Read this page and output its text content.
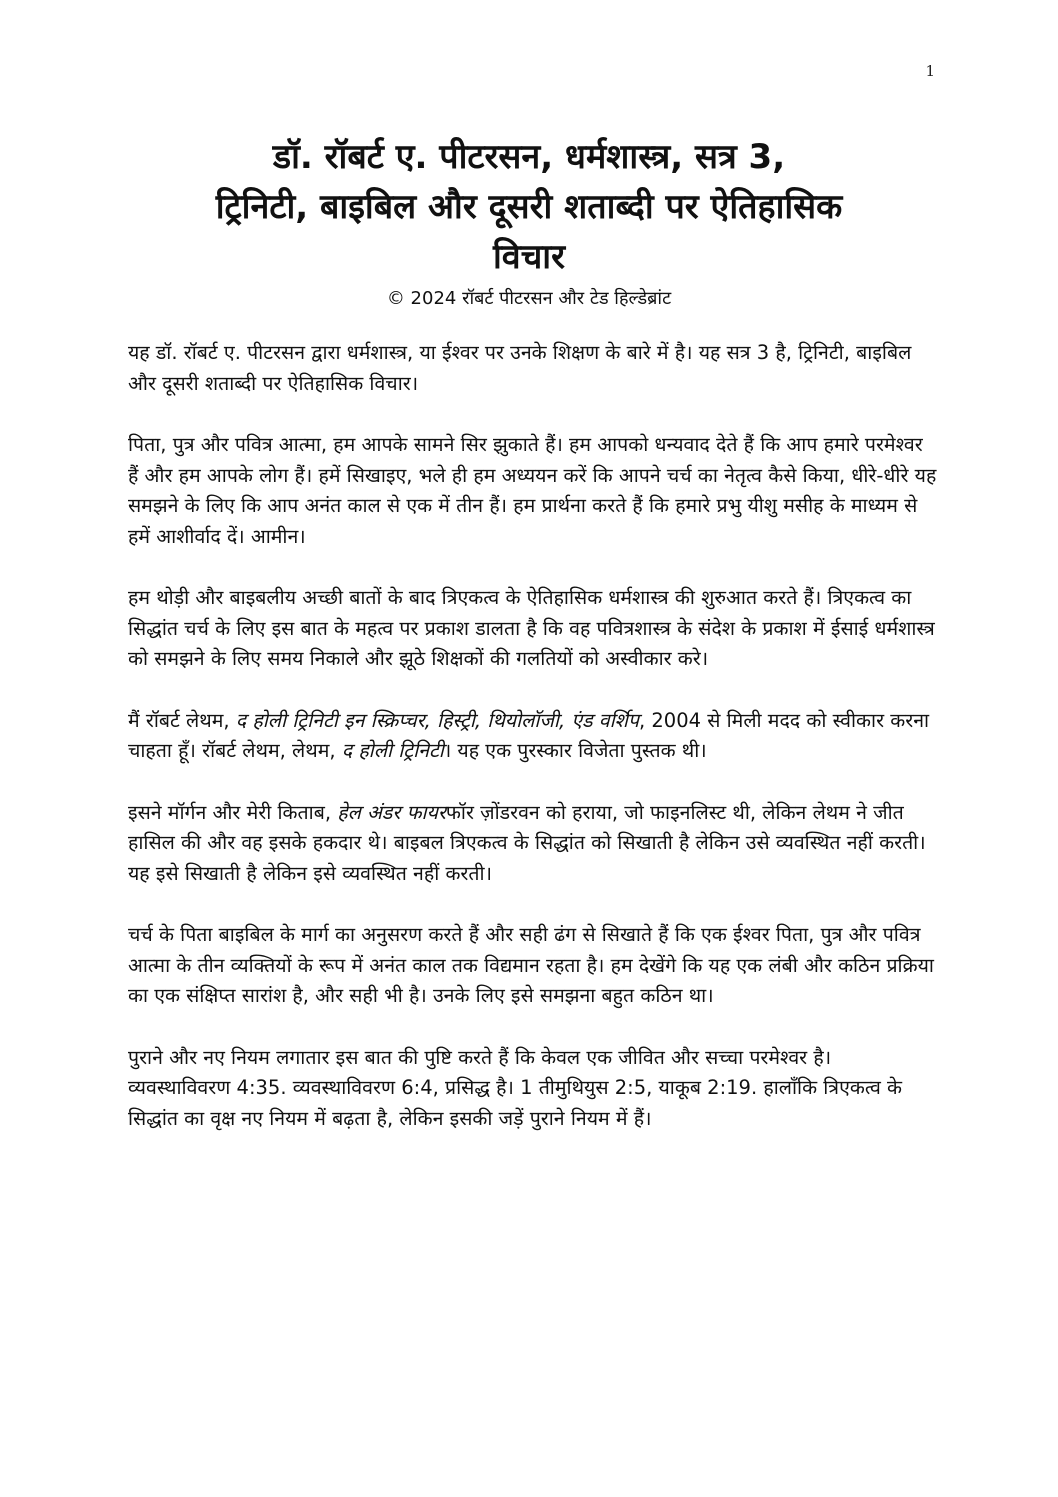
1
डॉ. रॉबर्ट ए. पीटरसन, धर्मशास्त्र, सत्र 3,
ट्रिनिटी, बाइबिल और दूसरी शताब्दी पर ऐतिहासिक
विचार

© 2024 रॉबर्ट पीटरसन और टेड हिल्डेब्रांट

यह डॉ. रॉबर्ट ए. पीटरसन द्वारा धर्मशास्त्र, या ईश्वर पर उनके शिक्षण के बारे में है। यह सत्र 3 है, ट्रिनिटी, बाइबिल और दूसरी शताब्दी पर ऐतिहासिक विचार।

पिता, पुत्र और पवित्र आत्मा, हम आपके सामने सिर झुकाते हैं। हम आपको धन्यवाद देते हैं कि आप हमारे परमेश्वर हैं और हम आपके लोग हैं। हमें सिखाइए, भले ही हम अध्ययन करें कि आपने चर्च का नेतृत्व कैसे किया, धीरे-धीरे यह समझने के लिए कि आप अनंत काल से एक में तीन हैं। हम प्रार्थना करते हैं कि हमारे प्रभु यीशु मसीह के माध्यम से हमें आशीर्वाद दें। आमीन।

हम थोड़ी और बाइबलीय अच्छी बातों के बाद त्रिएकत्व के ऐतिहासिक धर्मशास्त्र की शुरुआत करते हैं। त्रिएकत्व का सिद्धांत चर्च के लिए इस बात के महत्व पर प्रकाश डालता है कि वह पवित्रशास्त्र के संदेश के प्रकाश में ईसाई धर्मशास्त्र को समझने के लिए समय निकाले और झूठे शिक्षकों की गलतियों को अस्वीकार करे।

मैं रॉबर्ट लेथम, द होली ट्रिनिटी इन स्क्रिप्चर, हिस्ट्री, थियोलॉजी, एंड वर्शिप, 2004 से मिली मदद को स्वीकार करना चाहता हूँ। रॉबर्ट लेथम, लेथम, द होली ट्रिनिटी। यह एक पुरस्कार विजेता पुस्तक थी।

इसने मॉर्गन और मेरी किताब, हेल अंडर फायरफॉर ज़ोंडरवन को हराया, जो फाइनलिस्ट थी, लेकिन लेथम ने जीत हासिल की और वह इसके हकदार थे। बाइबल त्रिएकत्व के सिद्धांत को सिखाती है लेकिन उसे व्यवस्थित नहीं करती। यह इसे सिखाती है लेकिन इसे व्यवस्थित नहीं करती।

चर्च के पिता बाइबिल के मार्ग का अनुसरण करते हैं और सही ढंग से सिखाते हैं कि एक ईश्वर पिता, पुत्र और पवित्र आत्मा के तीन व्यक्तियों के रूप में अनंत काल तक विद्यमान रहता है। हम देखेंगे कि यह एक लंबी और कठिन प्रक्रिया का एक संक्षिप्त सारांश है, और सही भी है। उनके लिए इसे समझना बहुत कठिन था।

पुराने और नए नियम लगातार इस बात की पुष्टि करते हैं कि केवल एक जीवित और सच्चा परमेश्वर है। व्यवस्थाविवरण 4:35. व्यवस्थाविवरण 6:4, प्रसिद्ध है। 1 तीमुथियुस 2:5, याकूब 2:19. हालाँकि त्रिएकत्व के सिद्धांत का वृक्ष नए नियम में बढ़ता है, लेकिन इसकी जड़ें पुराने नियम में हैं।
